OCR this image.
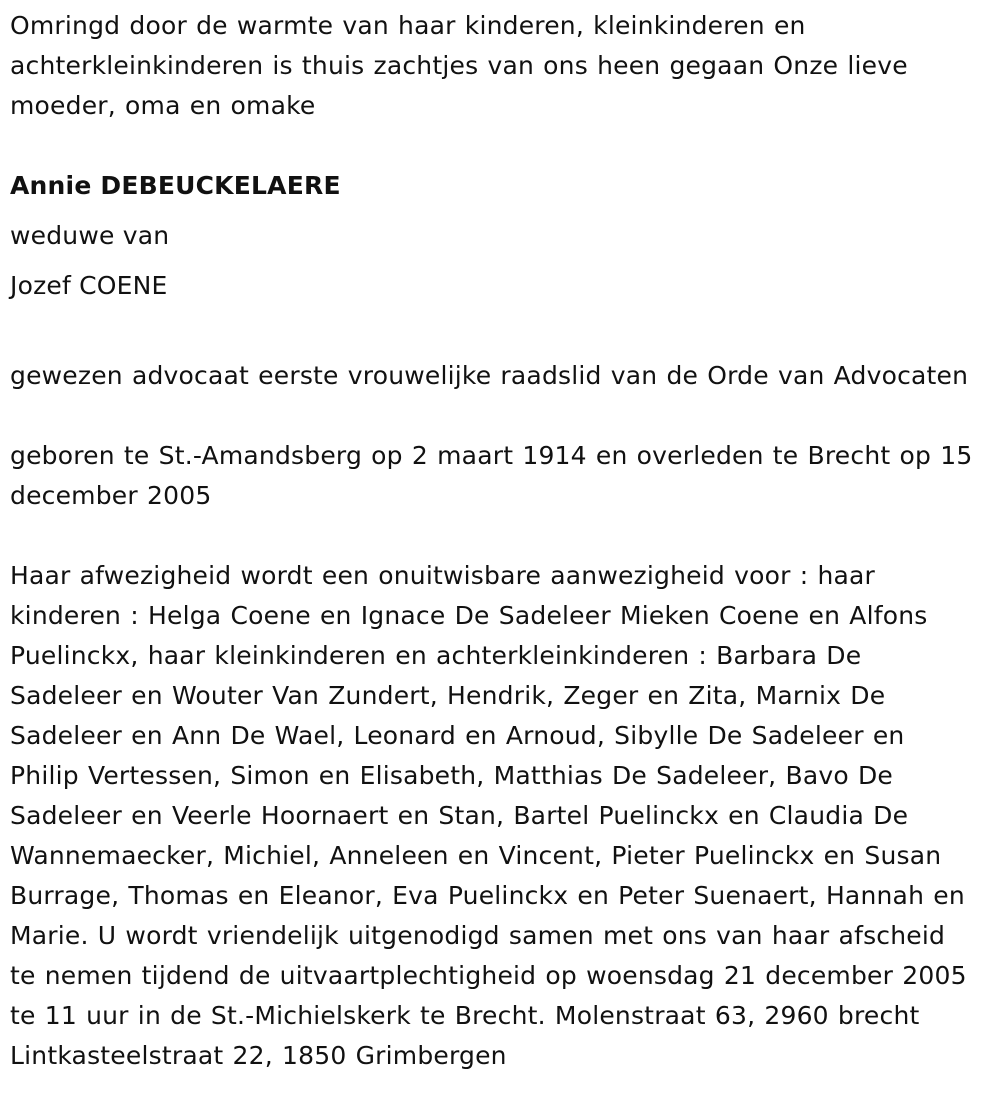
Omringd door de warmte van haar kinderen, kleinkinderen en achterkleinkinderen is thuis zachtjes van ons heen gegaan Onze lieve moeder, oma en omake

Annie DEBEUCKELAERE

weduwe van

Jozef COENE

gewezen advocaat eerste vrouwelijke raadslid van de Orde van Advocaten

geboren te St.-Amandsberg op 2 maart 1914 en overleden te Brecht op 15 december 2005

Haar afwezigheid wordt een onuitwisbare aanwezigheid voor : haar kinderen : Helga Coene en Ignace De Sadeleer Mieken Coene en Alfons Puelinckx, haar kleinkinderen en achterkleinkinderen : Barbara De Sadeleer en Wouter Van Zundert, Hendrik, Zeger en Zita, Marnix De Sadeleer en Ann De Wael, Leonard en Arnoud, Sibylle De Sadeleer en Philip Vertessen, Simon en Elisabeth, Matthias De Sadeleer, Bavo De Sadeleer en Veerle Hoornaert en Stan, Bartel Puelinckx en Claudia De Wannemaecker, Michiel, Anneleen en Vincent, Pieter Puelinckx en Susan Burrage, Thomas en Eleanor, Eva Puelinckx en Peter Suenaert, Hannah en Marie. U wordt vriendelijk uitgenodigd samen met ons van haar afscheid te nemen tijdend de uitvaartplechtigheid op woensdag 21 december 2005 te 11 uur in de St.-Michielskerk te Brecht. Molenstraat 63, 2960 brecht Lintkasteelstraat 22, 1850 Grimbergen
